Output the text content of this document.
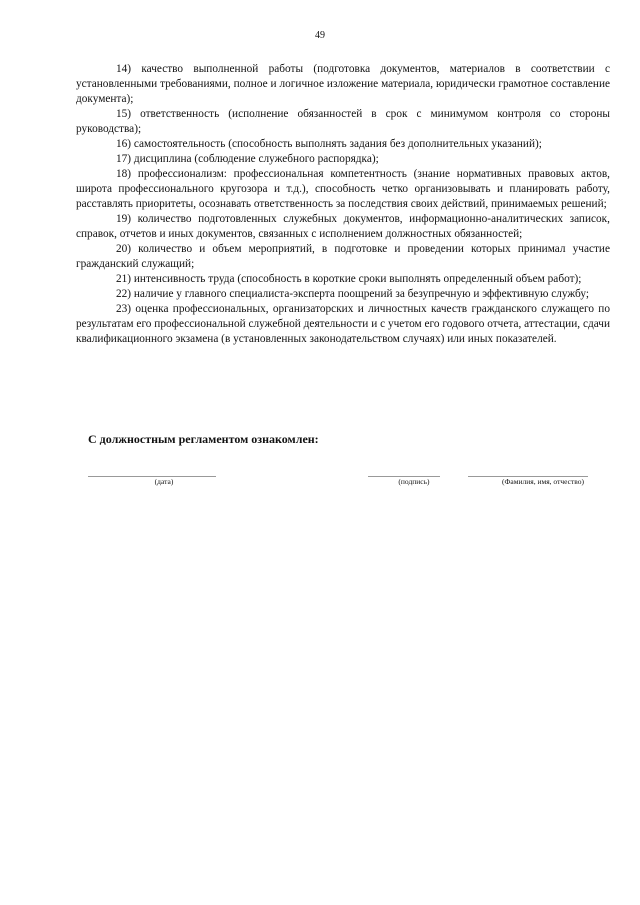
49

14) качество выполненной работы (подготовка документов, материалов в соответствии с установленными требованиями, полное и логичное изложение материала, юридически грамотное составление документа);

15) ответственность (исполнение обязанностей в срок с минимумом контроля со стороны руководства);

16) самостоятельность (способность выполнять задания без дополнительных указаний);

17) дисциплина (соблюдение служебного распорядка);

18) профессионализм: профессиональная компетентность (знание нормативных правовых актов, широта профессионального кругозора и т.д.), способность четко организовывать и планировать работу, расставлять приоритеты, осознавать ответственность за последствия своих действий, принимаемых решений;

19) количество подготовленных служебных документов, информационно-аналитических записок, справок, отчетов и иных документов, связанных с исполнением должностных обязанностей;

20) количество и объем мероприятий, в подготовке и проведении которых принимал участие гражданский служащий;

21) интенсивность труда (способность в короткие сроки выполнять определенный объем работ);

22) наличие у главного специалиста-эксперта поощрений за безупречную и эффективную службу;

23) оценка профессиональных, организаторских и личностных качеств гражданского служащего по результатам его профессиональной служебной деятельности и с учетом его годового отчета, аттестации, сдачи квалификационного экзамена (в установленных законодательством случаях) или иных показателей.

С должностным регламентом ознакомлен:
(дата)	(подпись)	(Фамилия, имя, отчество)
